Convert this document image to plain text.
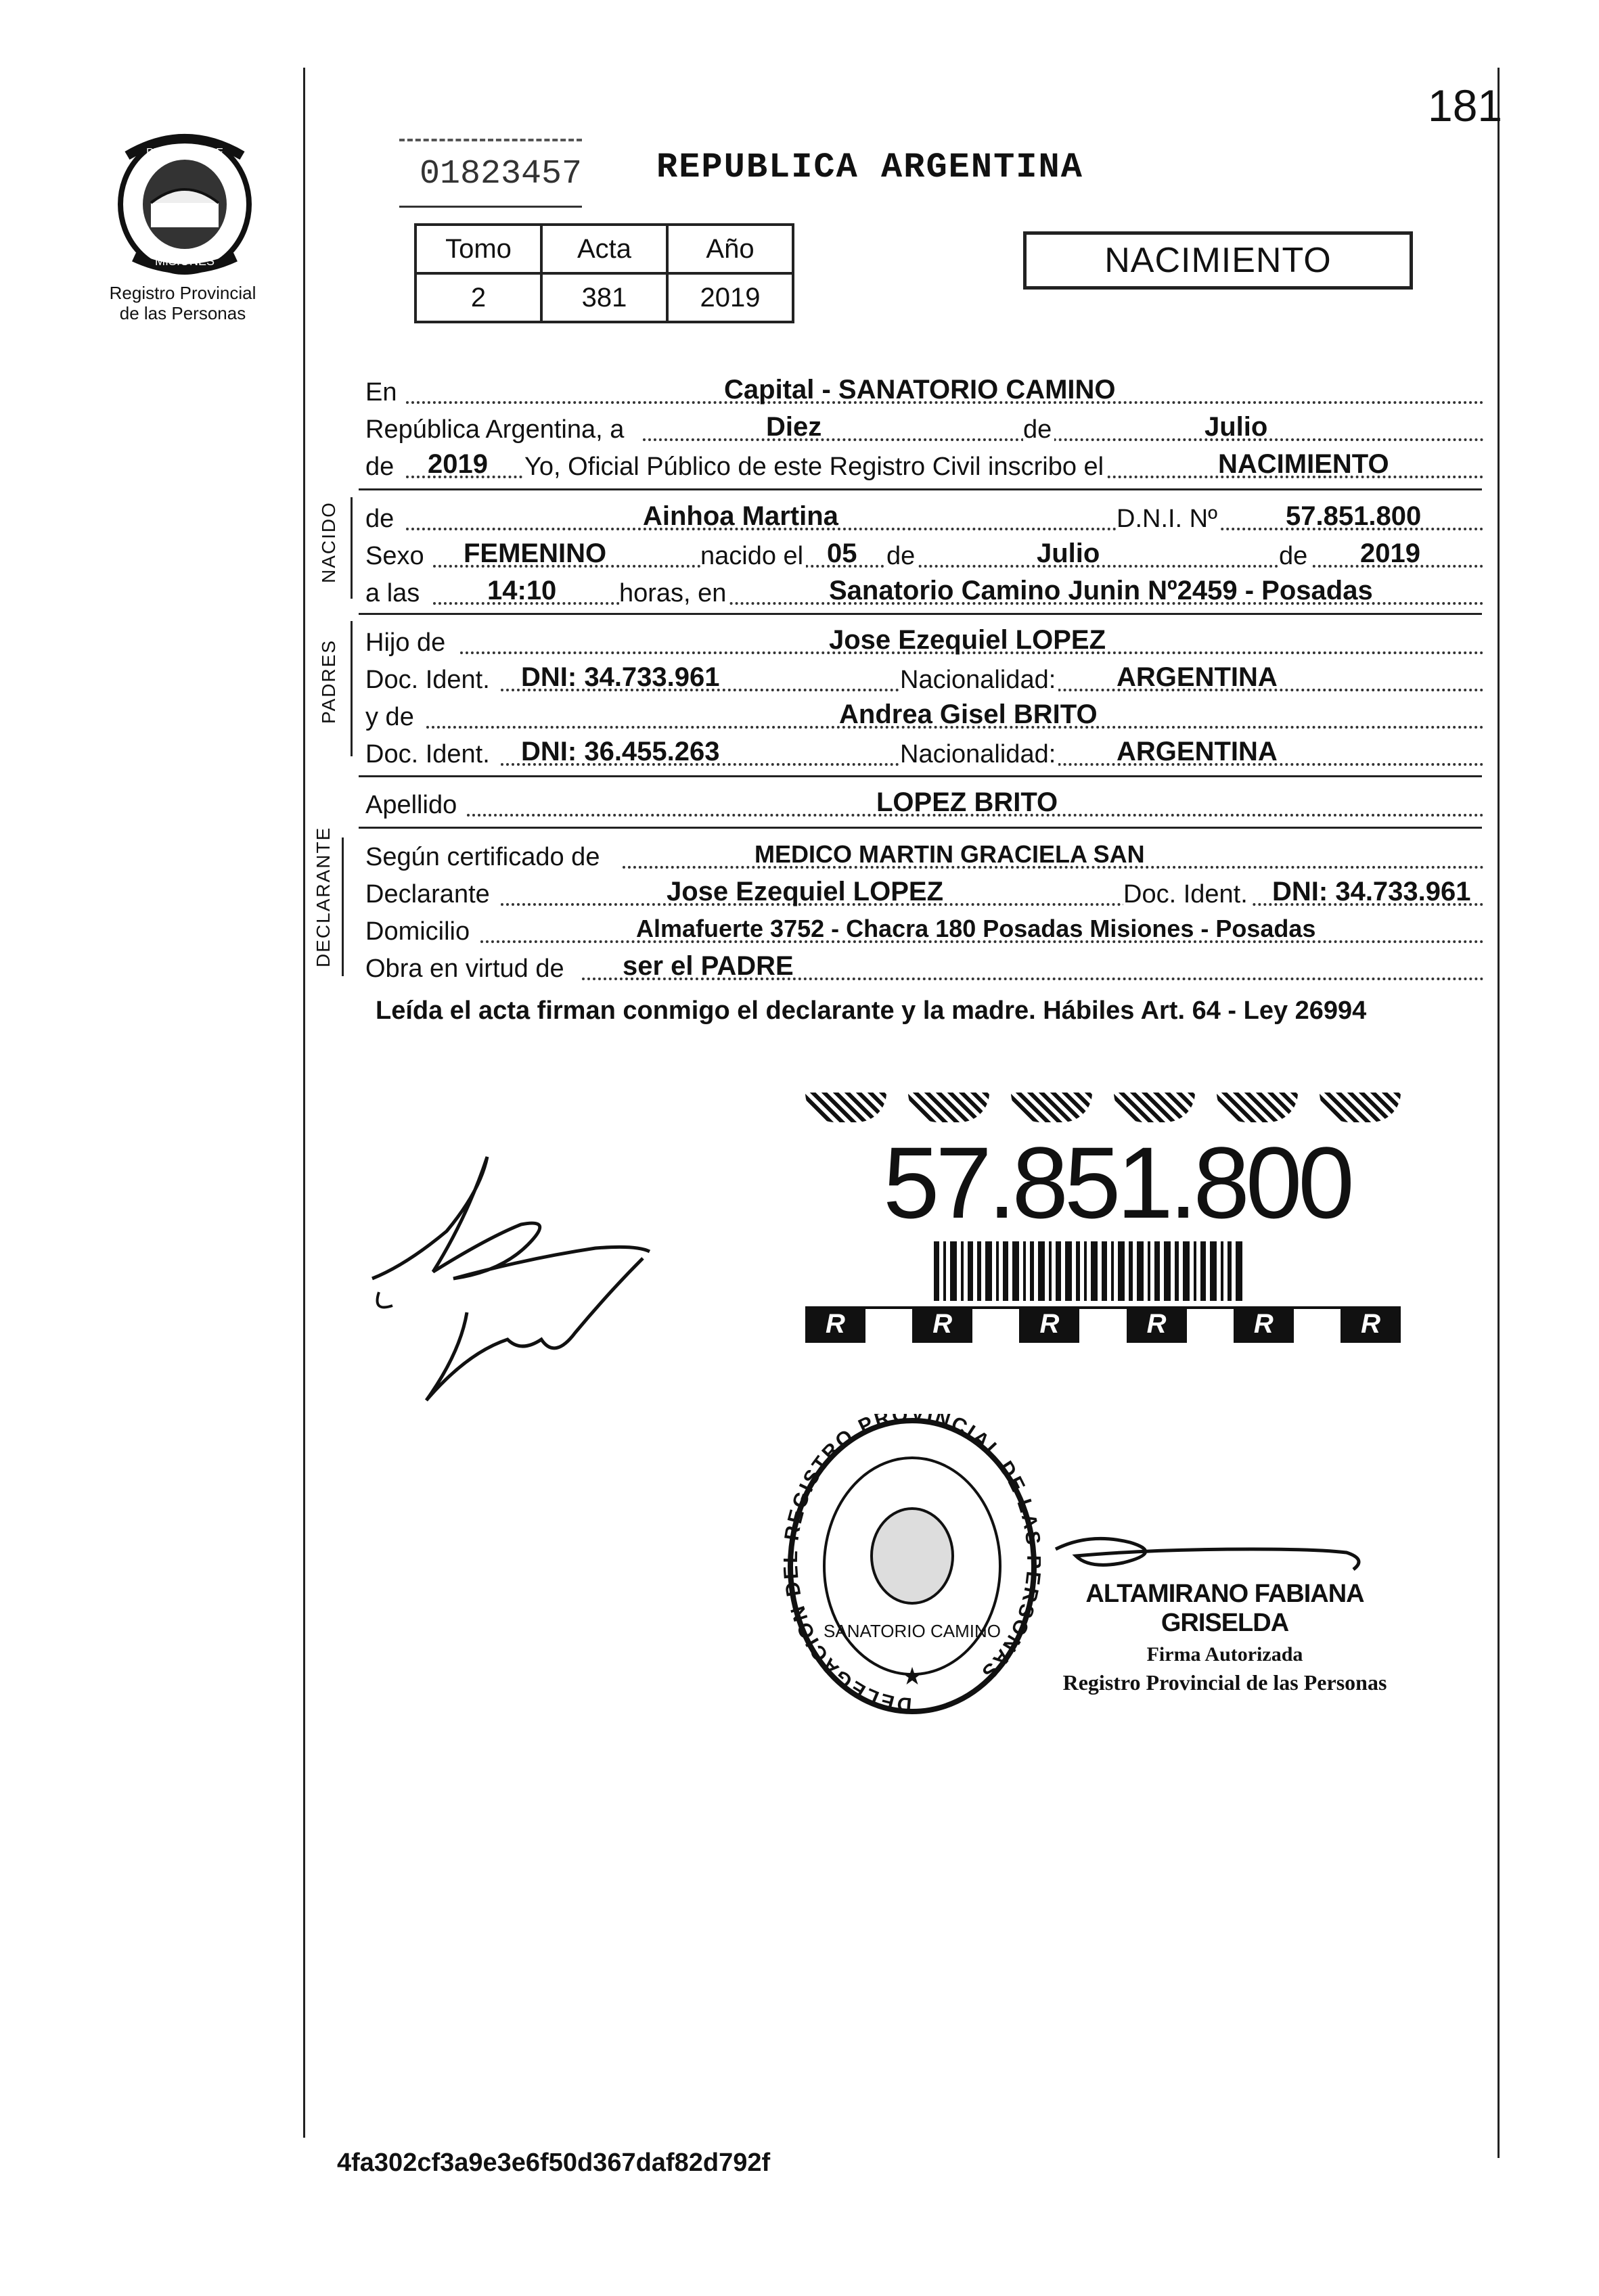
181
PROVINCIA DE
MISIONES
Registro Provincial
de las Personas
01823457 REPUBLICA ARGENTINA
Tomo	Acta	Año
2	381	2019
NACIMIENTO
En	Capital - SANATORIO CAMINO
República Argentina, a	Diez	de	Julio
de 2019 Yo, Oficial Público de este Registro Civil inscribo el	NACIMIENTO
NACIDO de	Ainhoa Martina	D.N.I. Nº	57.851.800
Sexo FEMENINO	nacido el 05 de	Julio	de 2019
a las 14:10 horas, en	Sanatorio Camino Junin Nº2459 - Posadas
PADRES Hijo de	Jose Ezequiel LOPEZ
Doc. Ident. DNI: 34.733.961	Nacionalidad: ARGENTINA
y de	Andrea Gisel BRITO
Doc. Ident. DNI: 36.455.263	Nacionalidad: ARGENTINA
Apellido	LOPEZ BRITO
DECLARANTE Según certificado de	MEDICO MARTIN GRACIELA SAN
Declarante	Jose Ezequiel LOPEZ	Doc. Ident. DNI: 34.733.961
Domicilio	Almafuerte 3752 - Chacra 180 Posadas Misiones - Posadas
Obra en virtud de ser el PADRE
Leída el acta firman conmigo el declarante y la madre. Hábiles Art. 64 - Ley 26994
57.851.800
R	R	R	R	R	R
DELEGACION EGISTRO PROVINCIAL DE LA RSONAS
SANATORIO CAMINO
★
ALTAMIRANO FABIANA GRISELDA
Firma Autorizada
Registro Provincial de las Personas
4fa302cf3a9e3e6f50d367daf82d792f
